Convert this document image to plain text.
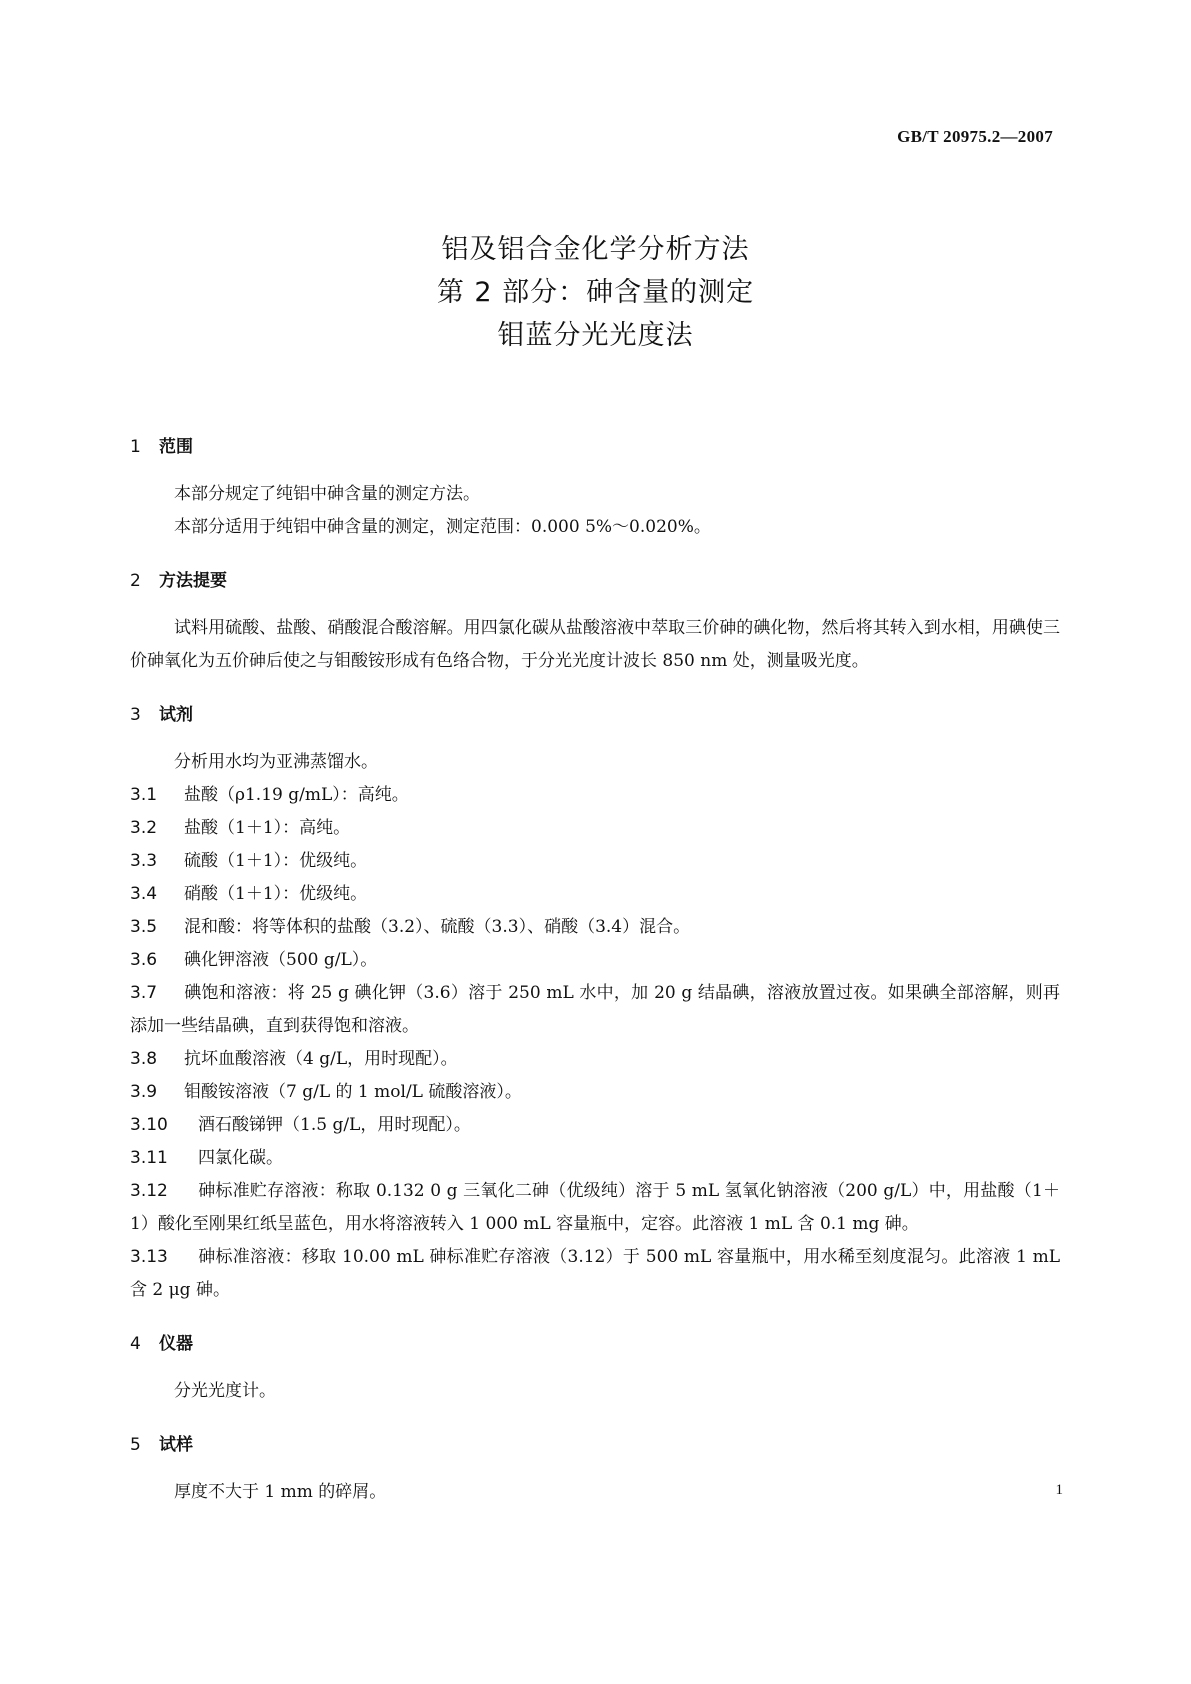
GB/T 20975.2—2007

铝及铝合金化学分析方法

第 2 部分：砷含量的测定

钼蓝分光光度法

1 范围

本部分规定了纯铝中砷含量的测定方法。

本部分适用于纯铝中砷含量的测定，测定范围：0.000 5%～0.020%。

2 方法提要

试料用硫酸、盐酸、硝酸混合酸溶解。用四氯化碳从盐酸溶液中萃取三价砷的碘化物，然后将其转入到水相，用碘使三价砷氧化为五价砷后使之与钼酸铵形成有色络合物，于分光光度计波长 850 nm 处，测量吸光度。

3 试剂

分析用水均为亚沸蒸馏水。

3.1 盐酸（ρ1.19 g/mL）：高纯。
3.2 盐酸（1＋1）：高纯。
3.3 硫酸（1＋1）：优级纯。
3.4 硝酸（1＋1）：优级纯。
3.5 混和酸：将等体积的盐酸（3.2）、硫酸（3.3）、硝酸（3.4）混合。
3.6 碘化钾溶液（500 g/L）。
3.7 碘饱和溶液：将 25 g 碘化钾（3.6）溶于 250 mL 水中，加 20 g 结晶碘，溶液放置过夜。如果碘全部溶解，则再添加一些结晶碘，直到获得饱和溶液。
3.8 抗坏血酸溶液（4 g/L，用时现配）。
3.9 钼酸铵溶液（7 g/L 的 1 mol/L 硫酸溶液）。
3.10 酒石酸锑钾（1.5 g/L，用时现配）。
3.11 四氯化碳。
3.12 砷标准贮存溶液：称取 0.132 0 g 三氧化二砷（优级纯）溶于 5 mL 氢氧化钠溶液（200 g/L）中，用盐酸（1＋1）酸化至刚果红纸呈蓝色，用水将溶液转入 1 000 mL 容量瓶中，定容。此溶液 1 mL 含 0.1 mg 砷。
3.13 砷标准溶液：移取 10.00 mL 砷标准贮存溶液（3.12）于 500 mL 容量瓶中，用水稀至刻度混匀。此溶液 1 mL 含 2 μg 砷。
4 仪器

分光光度计。

5 试样

厚度不大于 1 mm 的碎屑。	1
